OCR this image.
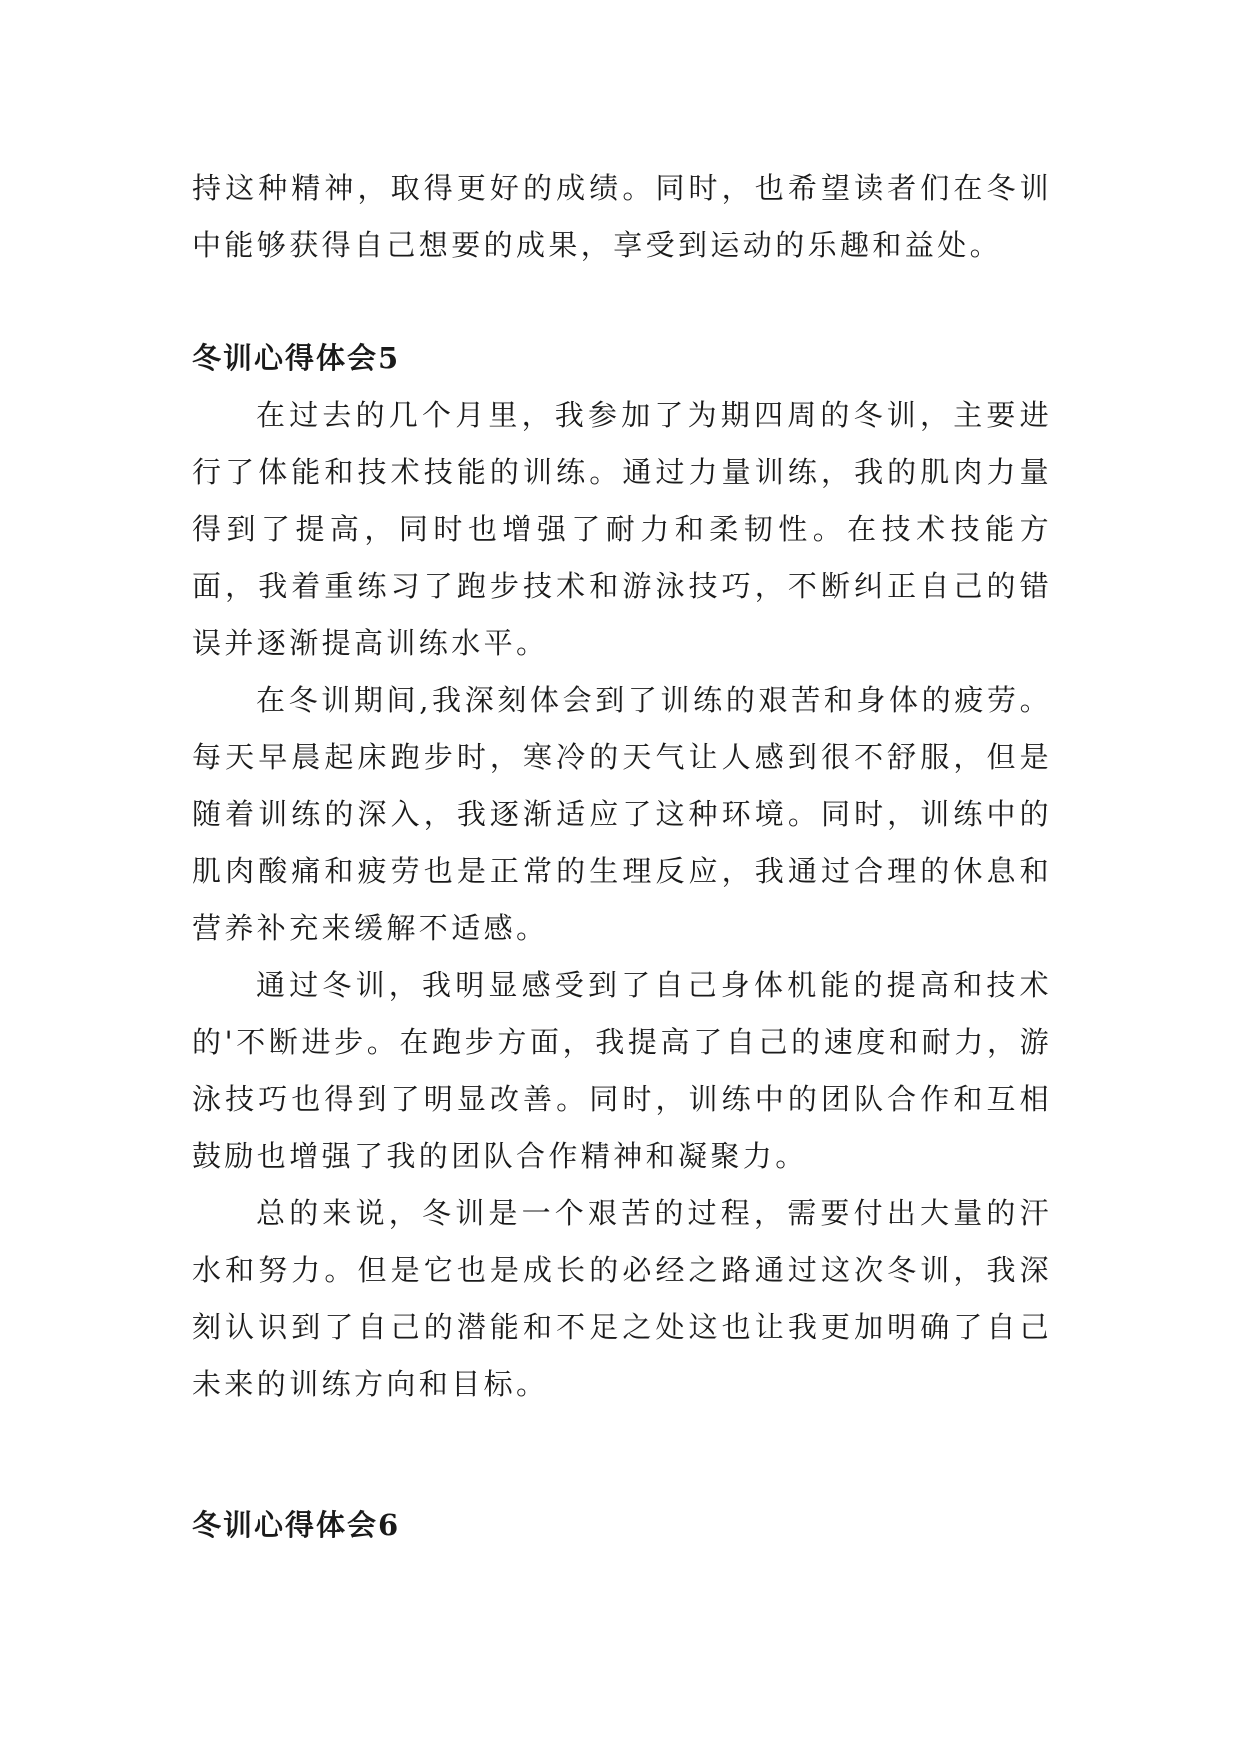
持这种精神，取得更好的成绩。同时，也希望读者们在冬训中能够获得自己想要的成果，享受到运动的乐趣和益处。

冬训心得体会5

在过去的几个月里，我参加了为期四周的冬训，主要进行了体能和技术技能的训练。通过力量训练，我的肌肉力量得到了提高，同时也增强了耐力和柔韧性。在技术技能方面，我着重练习了跑步技术和游泳技巧，不断纠正自己的错误并逐渐提高训练水平。

在冬训期间,我深刻体会到了训练的艰苦和身体的疲劳。每天早晨起床跑步时，寒冷的天气让人感到很不舒服，但是随着训练的深入，我逐渐适应了这种环境。同时，训练中的肌肉酸痛和疲劳也是正常的生理反应，我通过合理的休息和营养补充来缓解不适感。

通过冬训，我明显感受到了自己身体机能的提高和技术的'不断进步。在跑步方面，我提高了自己的速度和耐力，游泳技巧也得到了明显改善。同时，训练中的团队合作和互相鼓励也增强了我的团队合作精神和凝聚力。

总的来说，冬训是一个艰苦的过程，需要付出大量的汗水和努力。但是它也是成长的必经之路通过这次冬训，我深刻认识到了自己的潜能和不足之处这也让我更加明确了自己未来的训练方向和目标。

冬训心得体会6
